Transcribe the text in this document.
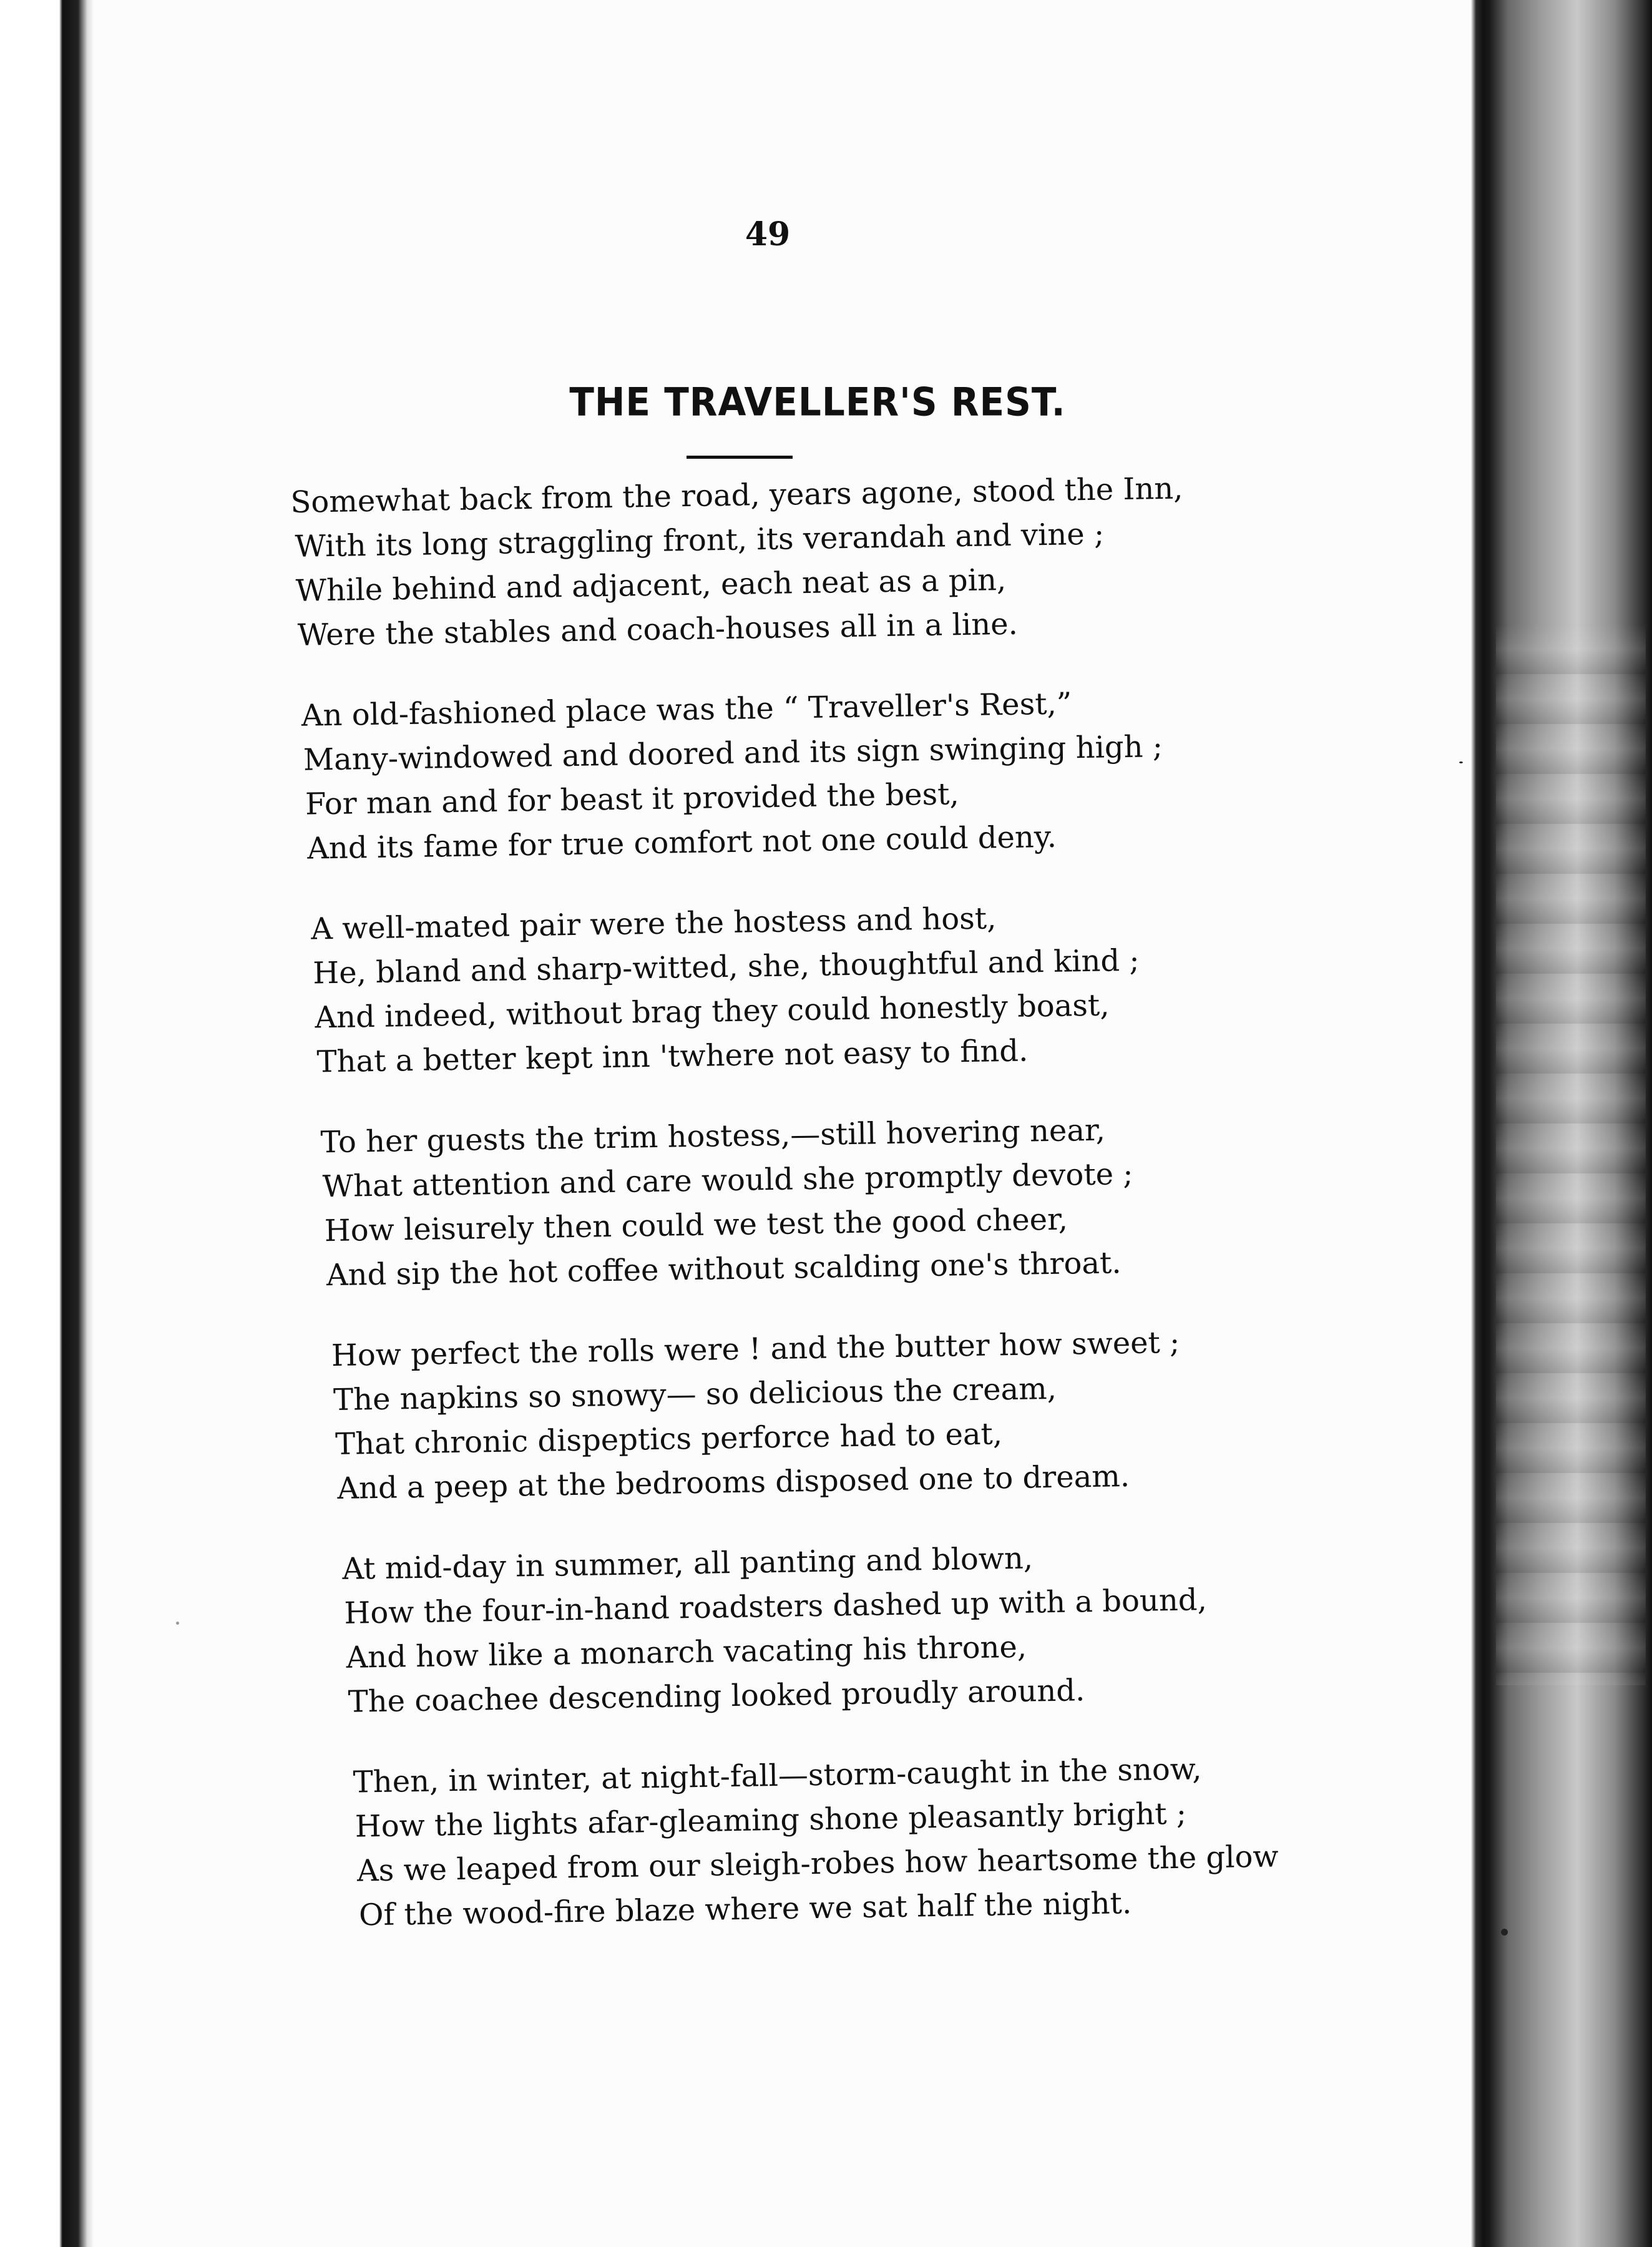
49
THE TRAVELLER'S REST.
Somewhat back from the road, years agone, stood the Inn,
With its long straggling front, its verandah and vine ;
While behind and adjacent, each neat as a pin,
Were the stables and coach-houses all in a line.
An old-fashioned place was the “ Traveller's Rest,”
Many-windowed and doored and its sign swinging high ;
For man and for beast it provided the best,
And its fame for true comfort not one could deny.
A well-mated pair were the hostess and host,
He, bland and sharp-witted, she, thoughtful and kind ;
And indeed, without brag they could honestly boast,
That a better kept inn 'twhere not easy to find.
To her guests the trim hostess,—still hovering near,
What attention and care would she promptly devote ;
How leisurely then could we test the good cheer,
And sip the hot coffee without scalding one's throat.
How perfect the rolls were ! and the butter how sweet ;
The napkins so snowy— so delicious the cream,
That chronic dispeptics perforce had to eat,
And a peep at the bedrooms disposed one to dream.
At mid-day in summer, all panting and blown,
How the four-in-hand roadsters dashed up with a bound,
And how like a monarch vacating his throne,
The coachee descending looked proudly around.
Then, in winter, at night-fall—storm-caught in the snow,
How the lights afar-gleaming shone pleasantly bright ;
As we leaped from our sleigh-robes how heartsome the glow
Of the wood-fire blaze where we sat half the night.
